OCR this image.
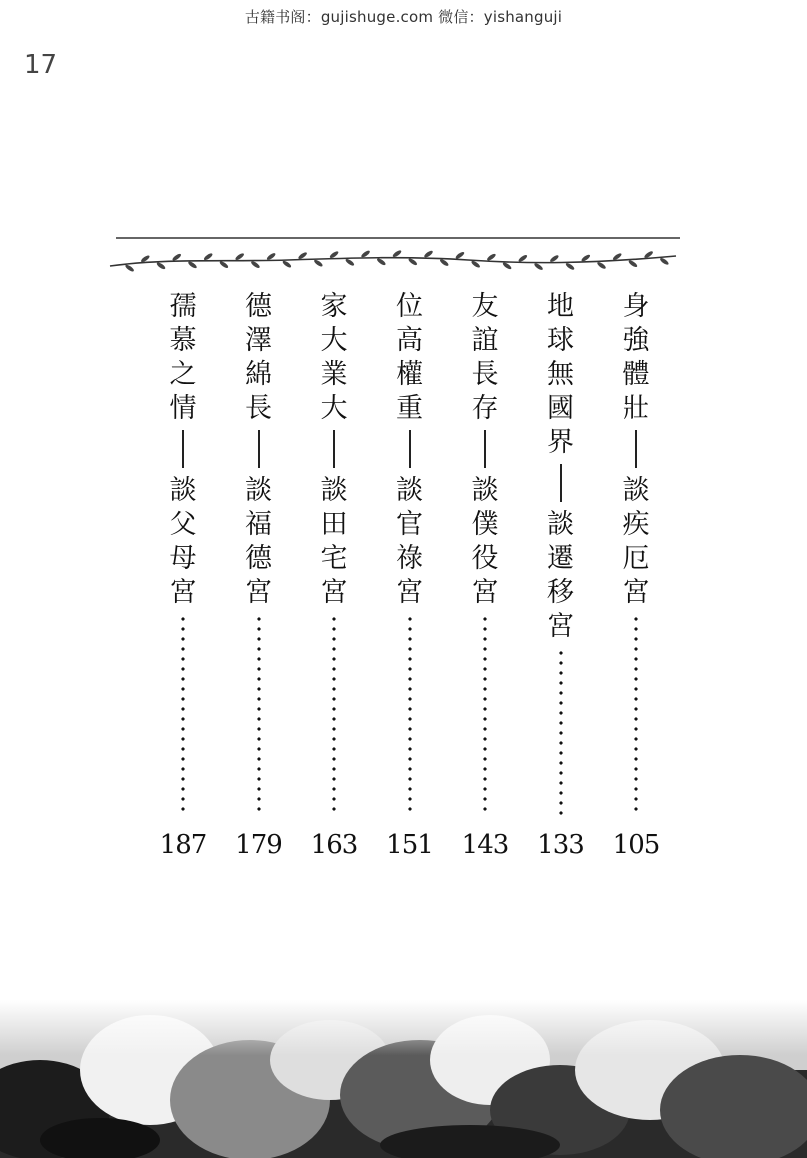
古籍书阁：gujishuge.com 微信：yishanguji
17
身
強
體
壯
談
疾
厄
宮
105
地
球
無
國
界
談
遷
移
宮
133
友
誼
長
存
談
僕
役
宮
143
位
高
權
重
談
官
祿
宮
151
家
大
業
大
談
田
宅
宮
163
德
澤
綿
長
談
福
德
宮
179
孺
慕
之
情
談
父
母
宮
187
